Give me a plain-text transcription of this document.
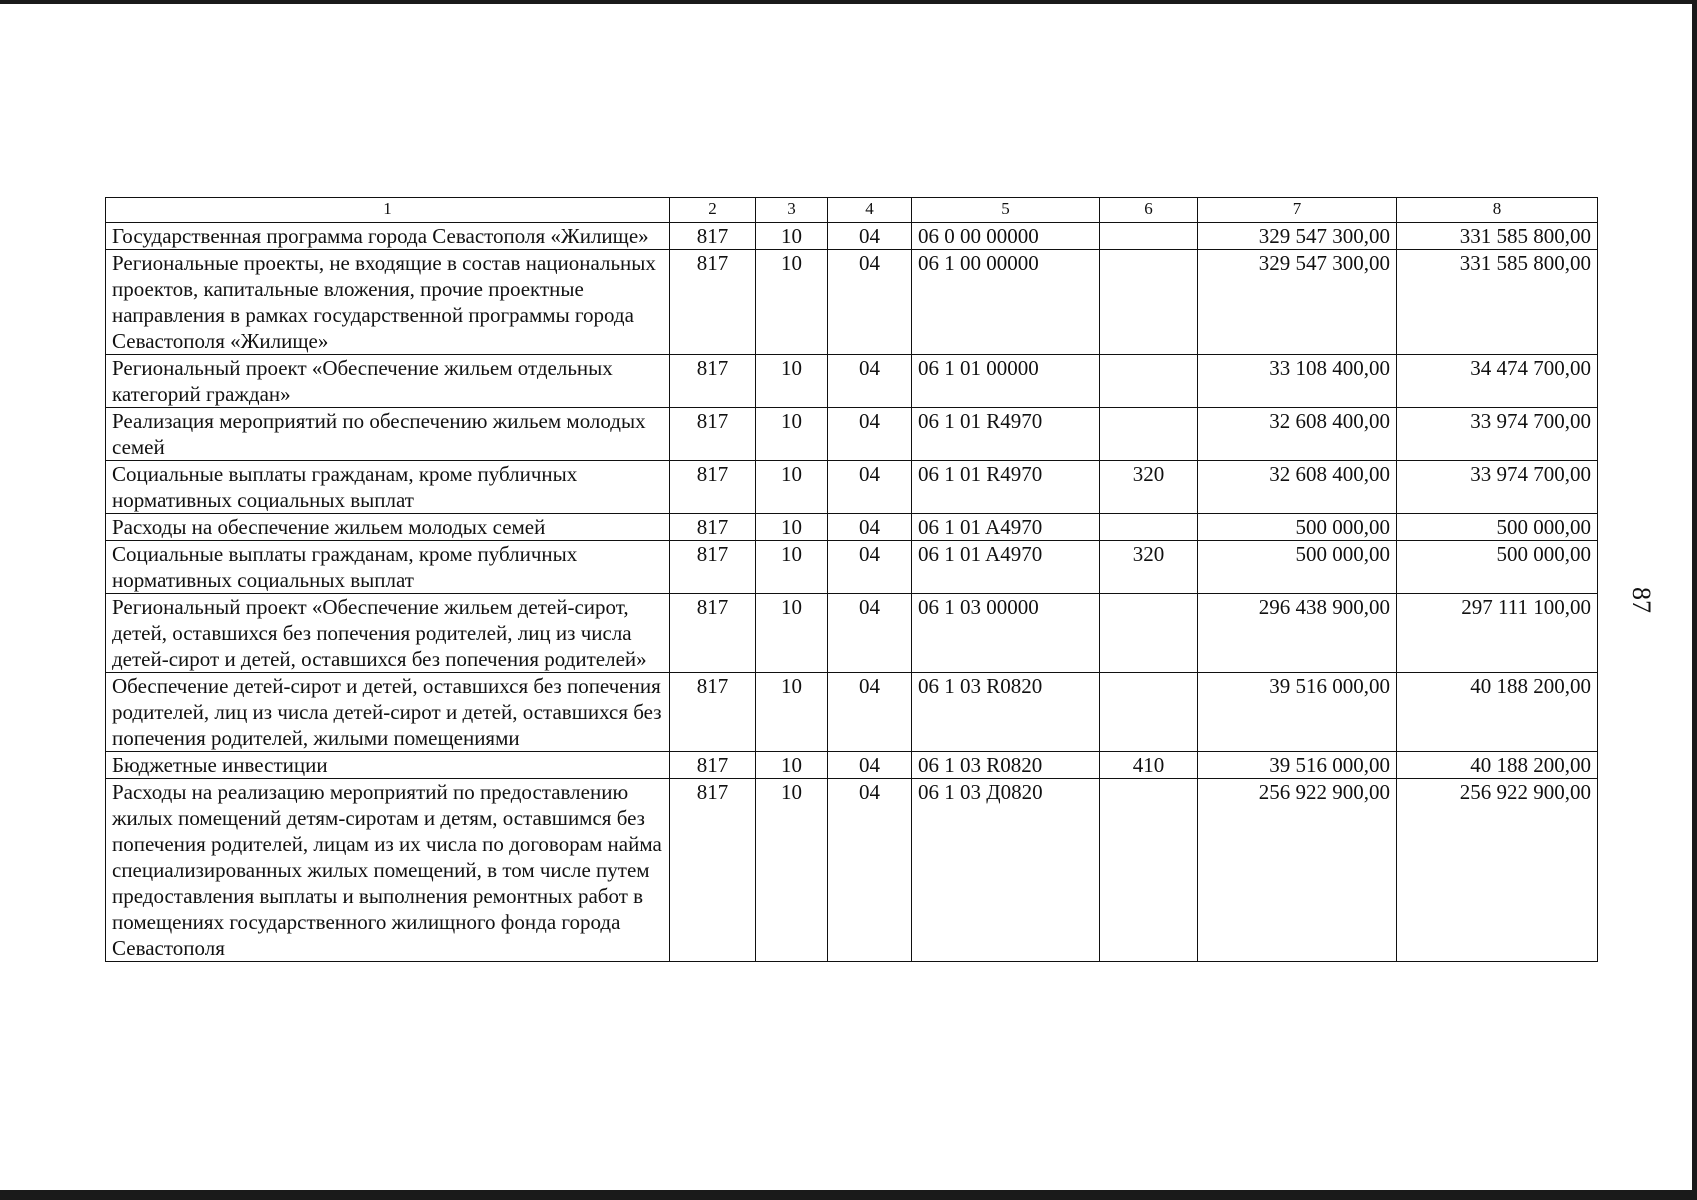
1	2	3	4	5	6	7	8
Государственная программа города Севастополя «Жилище»	817	10	04	06 0 00 00000		329 547 300,00	331 585 800,00
Региональные проекты, не входящие в состав национальных проектов, капитальные вложения, прочие проектные направления в рамках государственной программы города Севастополя «Жилище»	817	10	04	06 1 00 00000		329 547 300,00	331 585 800,00
Региональный проект «Обеспечение жильем отдельных категорий граждан»	817	10	04	06 1 01 00000		33 108 400,00	34 474 700,00
Реализация мероприятий по обеспечению жильем молодых семей	817	10	04	06 1 01 R4970		32 608 400,00	33 974 700,00
Социальные выплаты гражданам, кроме публичных нормативных социальных выплат	817	10	04	06 1 01 R4970	320	32 608 400,00	33 974 700,00
Расходы на обеспечение жильем молодых семей	817	10	04	06 1 01 A4970		500 000,00	500 000,00
Социальные выплаты гражданам, кроме публичных нормативных социальных выплат	817	10	04	06 1 01 A4970	320	500 000,00	500 000,00
Региональный проект «Обеспечение жильем детей-сирот, детей, оставшихся без попечения родителей, лиц из числа детей-сирот и детей, оставшихся без попечения родителей»	817	10	04	06 1 03 00000		296 438 900,00	297 111 100,00
Обеспечение детей-сирот и детей, оставшихся без попечения родителей, лиц из числа детей-сирот и детей, оставшихся без попечения родителей, жилыми помещениями	817	10	04	06 1 03 R0820		39 516 000,00	40 188 200,00
Бюджетные инвестиции	817	10	04	06 1 03 R0820	410	39 516 000,00	40 188 200,00
Расходы на реализацию мероприятий по предоставлению жилых помещений детям-сиротам и детям, оставшимся без попечения родителей, лицам из их числа по договорам найма специализированных жилых помещений, в том числе путем предоставления выплаты и выполнения ремонтных работ в помещениях государственного жилищного фонда города Севастополя	817	10	04	06 1 03 Д0820		256 922 900,00	256 922 900,00
87
